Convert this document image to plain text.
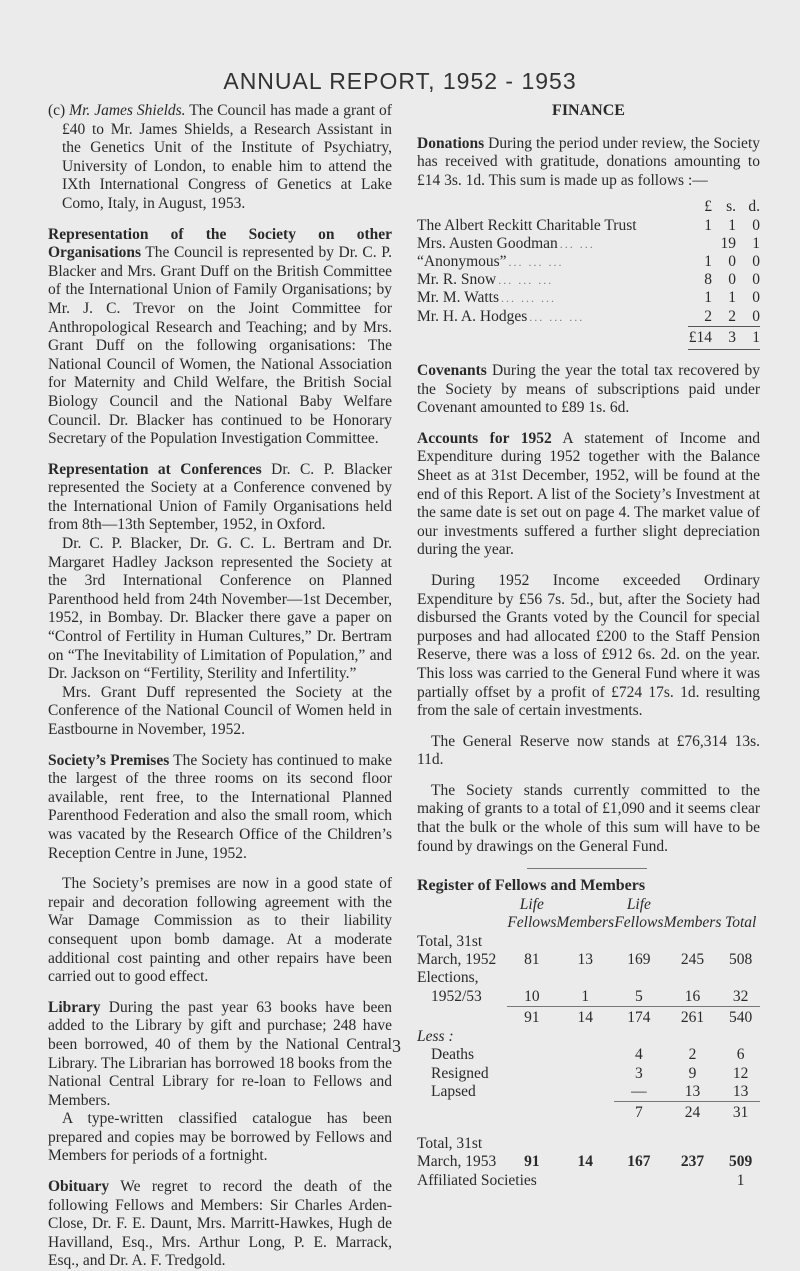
ANNUAL REPORT, 1952 - 1953

(c) Mr. James Shields. The Council has made a grant of £40 to Mr. James Shields, a Research Assistant in the Genetics Unit of the Institute of Psychiatry, University of London, to enable him to attend the IXth International Congress of Genetics at Lake Como, Italy, in August, 1953.

Representation of the Society on other Organisations The Council is represented by Dr. C. P. Blacker and Mrs. Grant Duff on the British Committee of the International Union of Family Organisations; by Mr. J. C. Trevor on the Joint Committee for Anthropological Research and Teaching; and by Mrs. Grant Duff on the following organisations: The National Council of Women, the National Association for Maternity and Child Welfare, the British Social Biology Council and the National Baby Welfare Council. Dr. Blacker has continued to be Honorary Secretary of the Population Investigation Committee.

Representation at Conferences Dr. C. P. Blacker represented the Society at a Conference convened by the International Union of Family Organisations held from 8th—13th September, 1952, in Oxford.

Dr. C. P. Blacker, Dr. G. C. L. Bertram and Dr. Margaret Hadley Jackson represented the Society at the 3rd International Conference on Planned Parenthood held from 24th November—1st December, 1952, in Bombay. Dr. Blacker there gave a paper on “Control of Fertility in Human Cultures,” Dr. Bertram on “The Inevitability of Limitation of Population,” and Dr. Jackson on “Fertility, Sterility and Infertility.”

Mrs. Grant Duff represented the Society at the Conference of the National Council of Women held in Eastbourne in November, 1952.

Society’s Premises The Society has continued to make the largest of the three rooms on its second floor available, rent free, to the International Planned Parenthood Federation and also the small room, which was vacated by the Research Office of the Children’s Reception Centre in June, 1952.

The Society’s premises are now in a good state of repair and decoration following agreement with the War Damage Commission as to their liability consequent upon bomb damage. At a moderate additional cost painting and other repairs have been carried out to good effect.

Library During the past year 63 books have been added to the Library by gift and purchase; 248 have been borrowed, 40 of them by the National Central Library. The Librarian has borrowed 18 books from the National Central Library for re-loan to Fellows and Members.

A type-written classified catalogue has been prepared and copies may be borrowed by Fellows and Members for periods of a fortnight.

Obituary We regret to record the death of the following Fellows and Members: Sir Charles Arden-Close, Dr. F. E. Daunt, Mrs. Marritt-Hawkes, Hugh de Havilland, Esq., Mrs. Arthur Long, P. E. Marrack, Esq., and Dr. A. F. Tredgold.

FINANCE

Donations During the period under review, the Society has received with gratitude, donations amounting to £14 3s. 1d. This sum is made up as follows :—

	£	s.	d.
The Albert Reckitt Charitable Trust	1	1	0
Mrs. Austen Goodman ... ...		19	1
“Anonymous” ... ... ...	1	0	0
Mr. R. Snow ... ... ...	8	0	0
Mr. M. Watts ... ... ...	1	1	0
Mr. H. A. Hodges ... ... ...	2	2	0
	£14	3	1

Covenants During the year the total tax recovered by the Society by means of subscriptions paid under Covenant amounted to £89 1s. 6d.

Accounts for 1952 A statement of Income and Expenditure during 1952 together with the Balance Sheet as at 31st December, 1952, will be found at the end of this Report. A list of the Society’s Investment at the same date is set out on page 4. The market value of our investments suffered a further slight depreciation during the year.

During 1952 Income exceeded Ordinary Expenditure by £56 7s. 5d., but, after the Society had disbursed the Grants voted by the Council for special purposes and had allocated £200 to the Staff Pension Reserve, there was a loss of £912 6s. 2d. on the year. This loss was carried to the General Fund where it was partially offset by a profit of £724 17s. 1d. resulting from the sale of certain investments.

The General Reserve now stands at £76,314 13s. 11d.

The Society stands currently committed to the making of grants to a total of £1,090 and it seems clear that the bulk or the whole of this sum will have to be found by drawings on the General Fund.

Register of Fellows and Members
	Life		Life		
	Fellows	Members	Fellows	Members	Total
Total, 31st					
March, 1952	81	13	169	245	508
Elections,					
1952/53	10	1	5	16	32
	91	14	174	261	540
Less :					
Deaths			4	2	6
Resigned			3	9	12
Lapsed			—	13	13
			7	24	31

Total, 31st					
March, 1953	91	14	167	237	509
Affiliated Societies					1
3
